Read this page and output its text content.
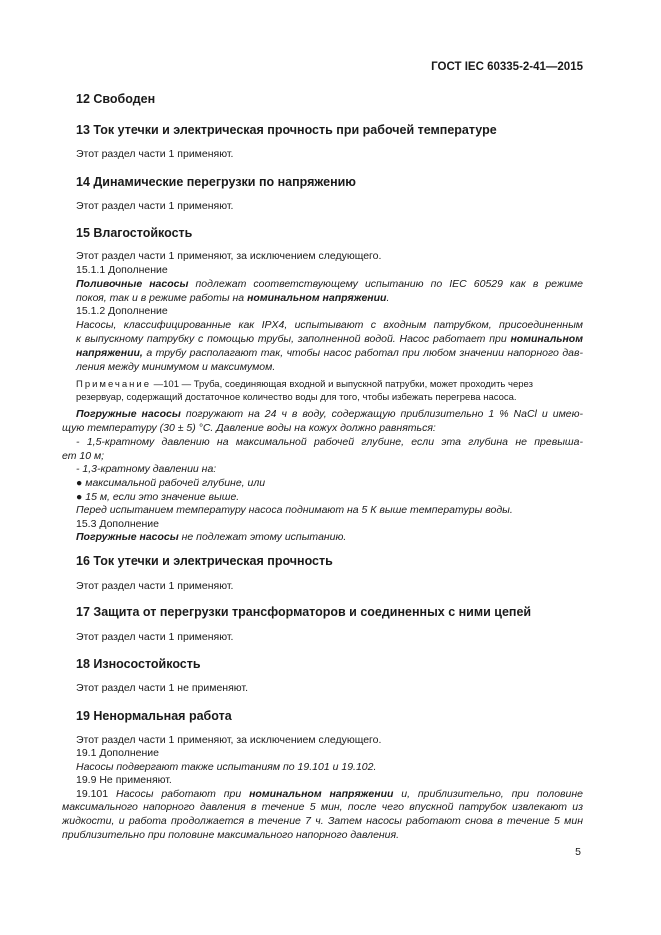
ГОСТ IEC 60335-2-41—2015
12 Свободен
13 Ток утечки и электрическая прочность при рабочей температуре
Этот раздел части 1 применяют.
14 Динамические перегрузки по напряжению
Этот раздел части 1 применяют.
15 Влагостойкость
Этот раздел части 1 применяют, за исключением следующего.
15.1.1 Дополнение
Поливочные насосы подлежат соответствующему испытанию по IEC 60529 как в режиме
покоя, так и в режиме работы на номинальном напряжении.
15.1.2 Дополнение
Насосы, классифицированные как IPX4, испытывают с входным патрубком, присоединенным
к выпускному патрубку с помощью трубы, заполненной водой. Насос работает при номинальном
напряжении, а трубу располагают так, чтобы насос работал при любом значении напорного дав-
ления между минимумом и максимумом.
Примечание —101 — Труба, соединяющая входной и выпускной патрубки, может проходить через
резервуар, содержащий достаточное количество воды для того, чтобы избежать перегрева насоса.
Погружные насосы погружают на 24 ч в воду, содержащую приблизительно 1 % NaCl и имею-
щую температуру (30 ± 5) °С. Давление воды на кожух должно равняться:
- 1,5-кратному давлению на максимальной рабочей глубине, если эта глубина не превыша-
ет 10 м;
- 1,3-кратному давлении на:
● максимальной рабочей глубине, или
● 15 м, если это значение выше.
Перед испытанием температуру насоса поднимают на 5 К выше температуры воды.
15.3 Дополнение
Погружные насосы не подлежат этому испытанию.
16 Ток утечки и электрическая прочность
Этот раздел части 1 применяют.
17 Защита от перегрузки трансформаторов и соединенных с ними цепей
Этот раздел части 1 применяют.
18 Износостойкость
Этот раздел части 1 не применяют.
19 Ненормальная работа
Этот раздел части 1 применяют, за исключением следующего.
19.1 Дополнение
Насосы подвергают также испытаниям по 19.101 и 19.102.
19.9 Не применяют.
19.101 Насосы работают при номинальном напряжении и, приблизительно, при половине
максимального напорного давления в течение 5 мин, после чего впускной патрубок извлекают из
жидкости, и работа продолжается в течение 7 ч. Затем насосы работают снова в течение 5 мин
приблизительно при половине максимального напорного давления.
5
